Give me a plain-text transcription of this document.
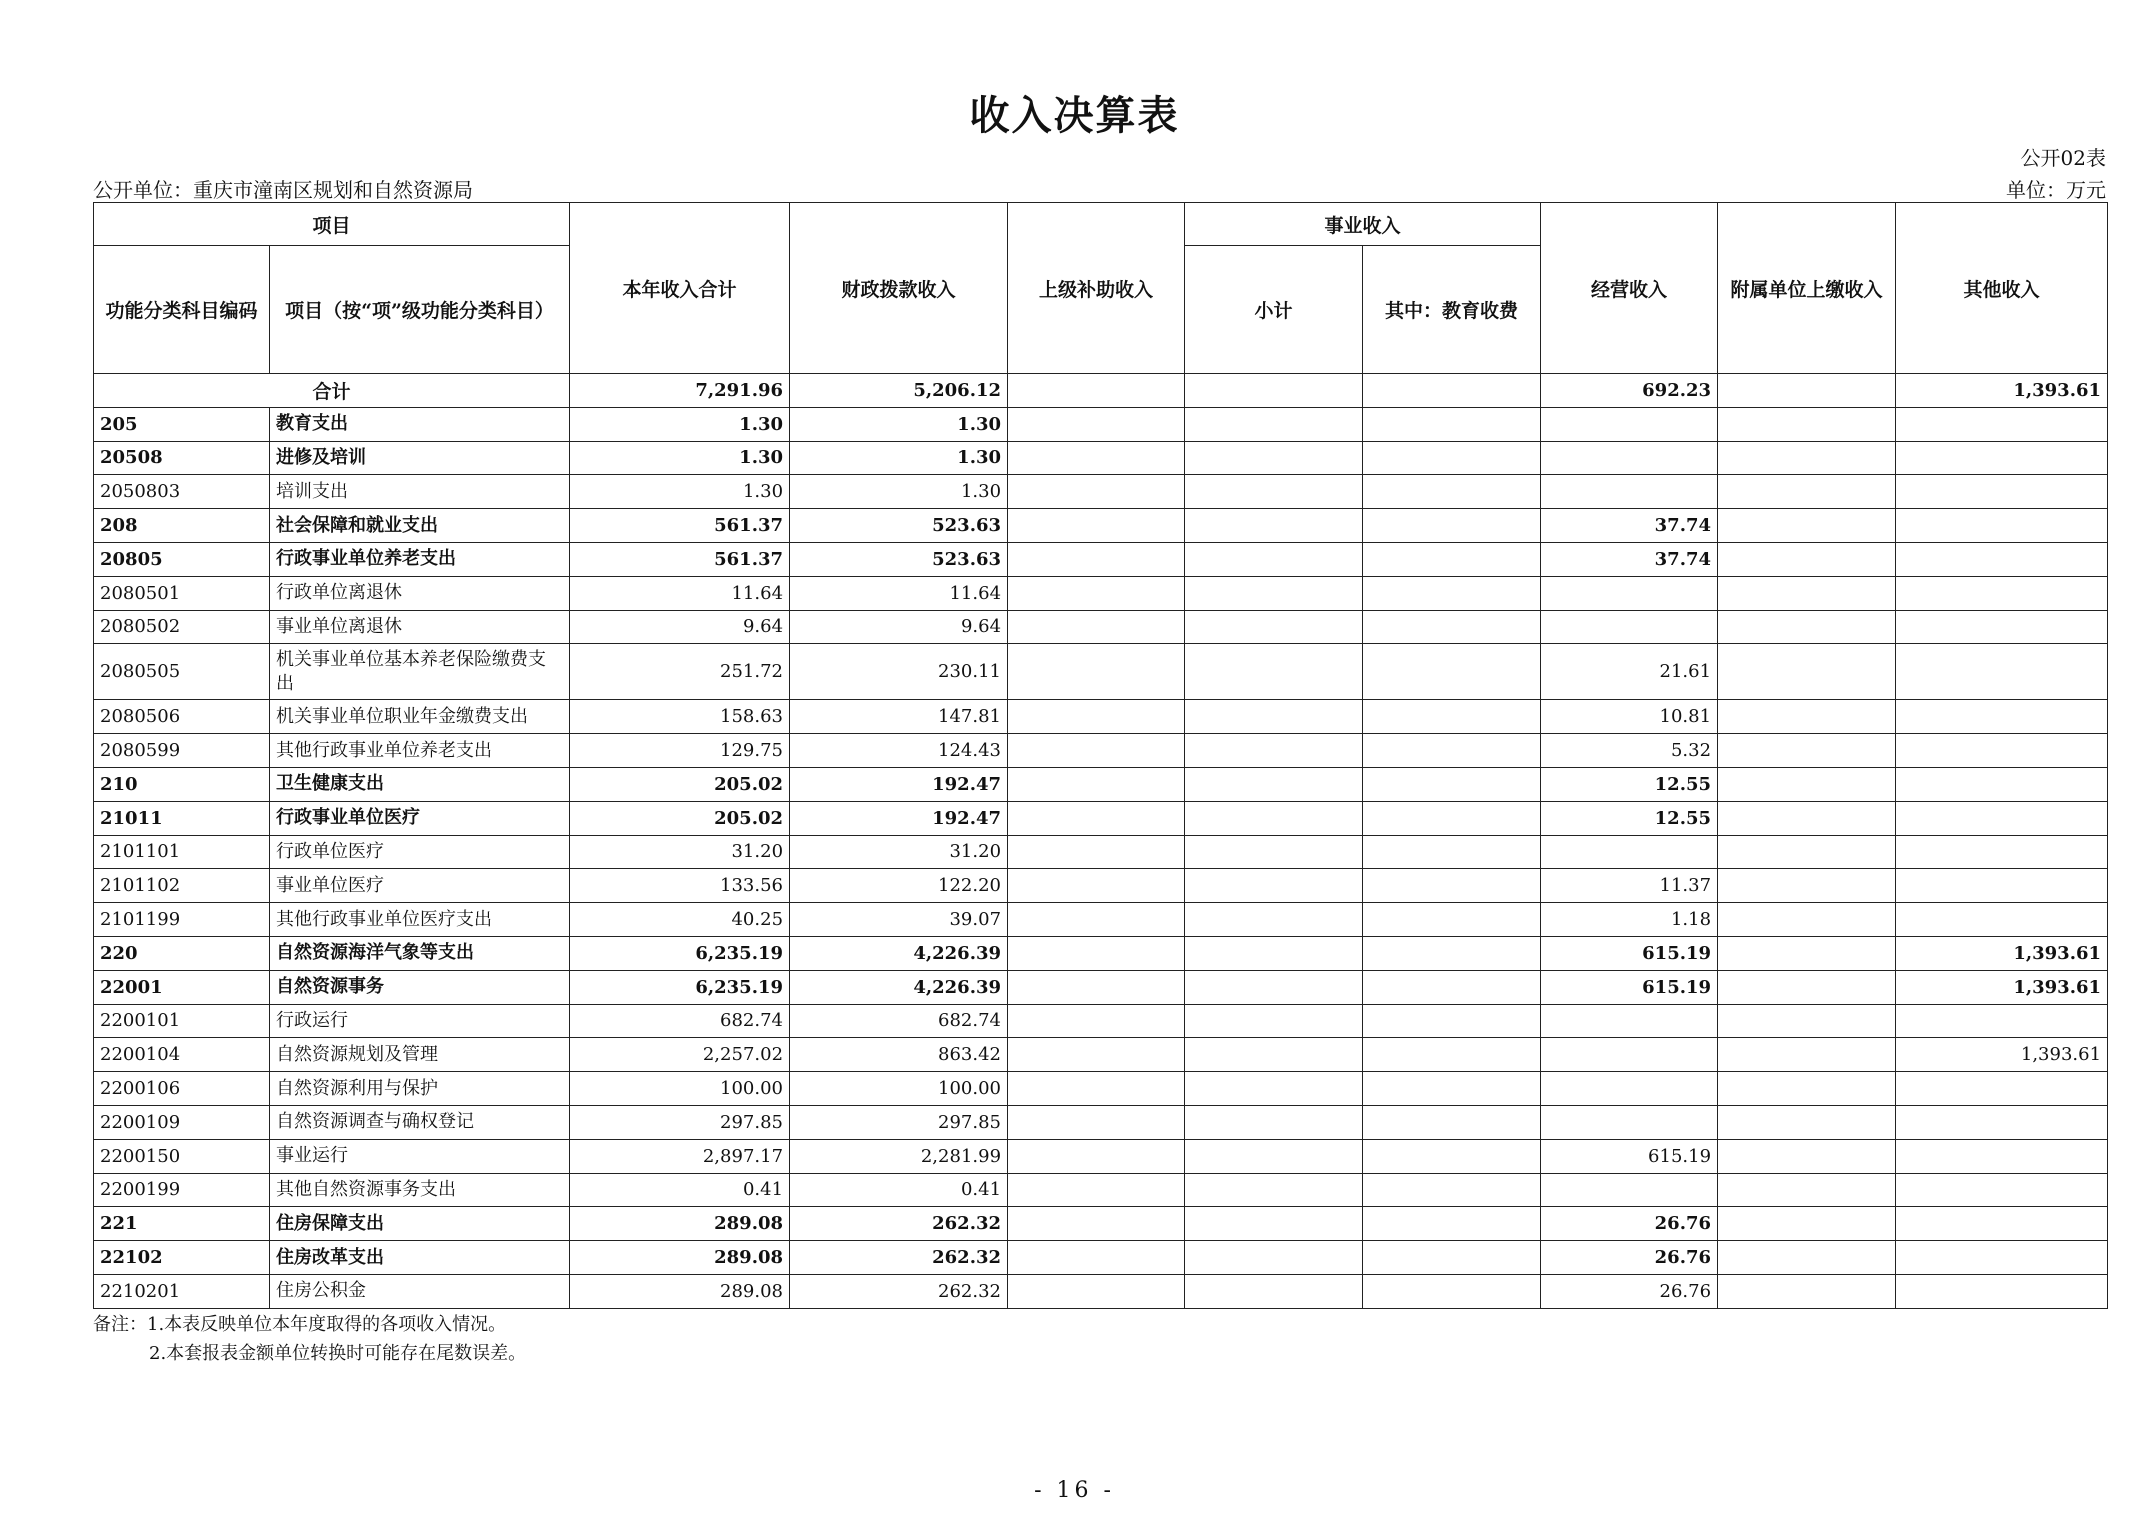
收入决算表
公开02表
公开单位：重庆市潼南区规划和自然资源局	单位：万元
项目		本年收入合计	财政拨款收入	上级补助收入	事业收入		经营收入	附属单位上缴收入	其他收入
功能分类科目编码	项目（按“项”级功能分类科目）				小计	其中：教育收费			
合计		7,291.96	5,206.12				692.23		1,393.61
205	教育支出	1.30	1.30						
20508	进修及培训	1.30	1.30						
2050803	培训支出	1.30	1.30						
208	社会保障和就业支出	561.37	523.63				37.74		
20805	行政事业单位养老支出	561.37	523.63				37.74		
2080501	行政单位离退休	11.64	11.64						
2080502	事业单位离退休	9.64	9.64						
2080505	机关事业单位基本养老保险缴费支出	251.72	230.11				21.61		
2080506	机关事业单位职业年金缴费支出	158.63	147.81				10.81		
2080599	其他行政事业单位养老支出	129.75	124.43				5.32		
210	卫生健康支出	205.02	192.47				12.55		
21011	行政事业单位医疗	205.02	192.47				12.55		
2101101	行政单位医疗	31.20	31.20						
2101102	事业单位医疗	133.56	122.20				11.37		
2101199	其他行政事业单位医疗支出	40.25	39.07				1.18		
220	自然资源海洋气象等支出	6,235.19	4,226.39				615.19		1,393.61
22001	自然资源事务	6,235.19	4,226.39				615.19		1,393.61
2200101	行政运行	682.74	682.74						
2200104	自然资源规划及管理	2,257.02	863.42						1,393.61
2200106	自然资源利用与保护	100.00	100.00						
2200109	自然资源调查与确权登记	297.85	297.85						
2200150	事业运行	2,897.17	2,281.99				615.19		
2200199	其他自然资源事务支出	0.41	0.41						
221	住房保障支出	289.08	262.32				26.76		
22102	住房改革支出	289.08	262.32				26.76		
2210201	住房公积金	289.08	262.32				26.76		
备注：1.本表反映单位本年度取得的各项收入情况。
2.本套报表金额单位转换时可能存在尾数误差。
- 16 -
